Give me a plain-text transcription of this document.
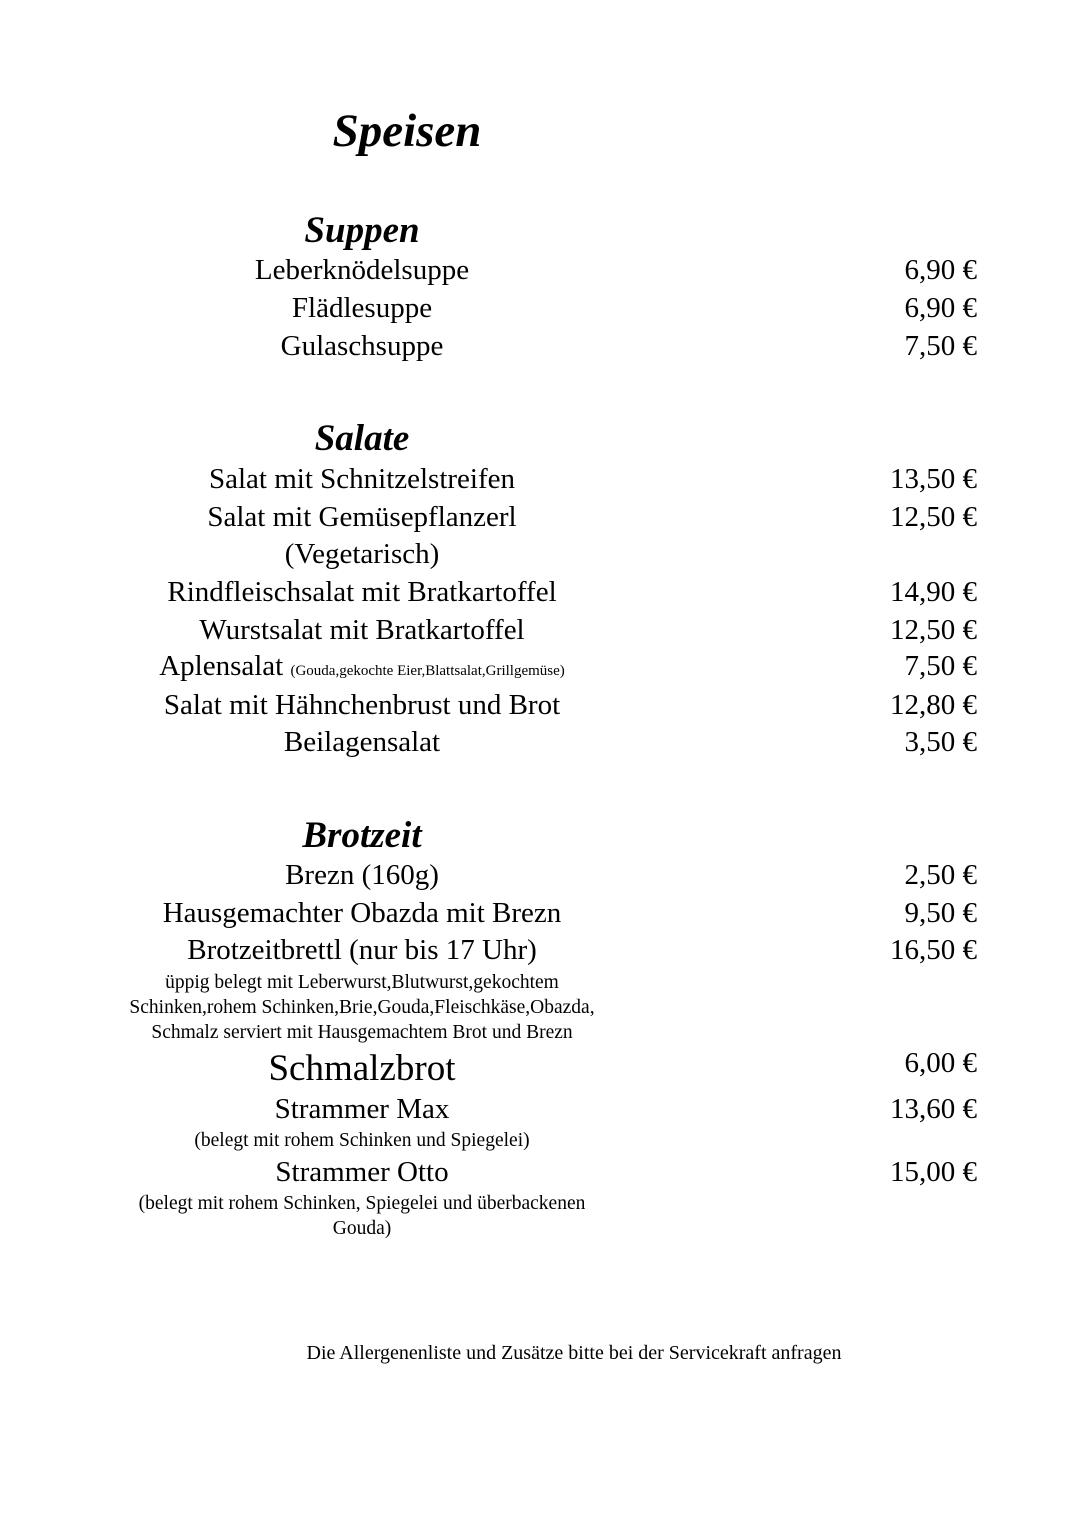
Speisen
Suppen
Leberknödelsuppe	6,90 €
Flädlesuppe	6,90 €
Gulaschsuppe	7,50 €
Salate
Salat mit Schnitzelstreifen	13,50 €
Salat mit Gemüsepflanzerl	12,50 €
(Vegetarisch)
Rindfleischsalat mit Bratkartoffel	14,90 €
Wurstsalat mit Bratkartoffel	12,50 €
Aplensalat (Gouda,gekochte Eier,Blattsalat,Grillgemüse)	7,50 €
Salat mit Hähnchenbrust und Brot	12,80 €
Beilagensalat	3,50 €
Brotzeit
Brezn (160g)	2,50 €
Hausgemachter Obazda mit Brezn	9,50 €
Brotzeitbrettl (nur bis 17 Uhr)	16,50 €
üppig belegt mit Leberwurst,Blutwurst,gekochtem
Schinken,rohem Schinken,Brie,Gouda,Fleischkäse,Obazda,
Schmalz serviert mit Hausgemachtem Brot und Brezn
Schmalzbrot	6,00 €
Strammer Max	13,60 €
(belegt mit rohem Schinken und Spiegelei)
Strammer Otto	15,00 €
(belegt mit rohem Schinken, Spiegelei und überbackenen
Gouda)
Die Allergenenliste und Zusätze bitte bei der Servicekraft anfragen
